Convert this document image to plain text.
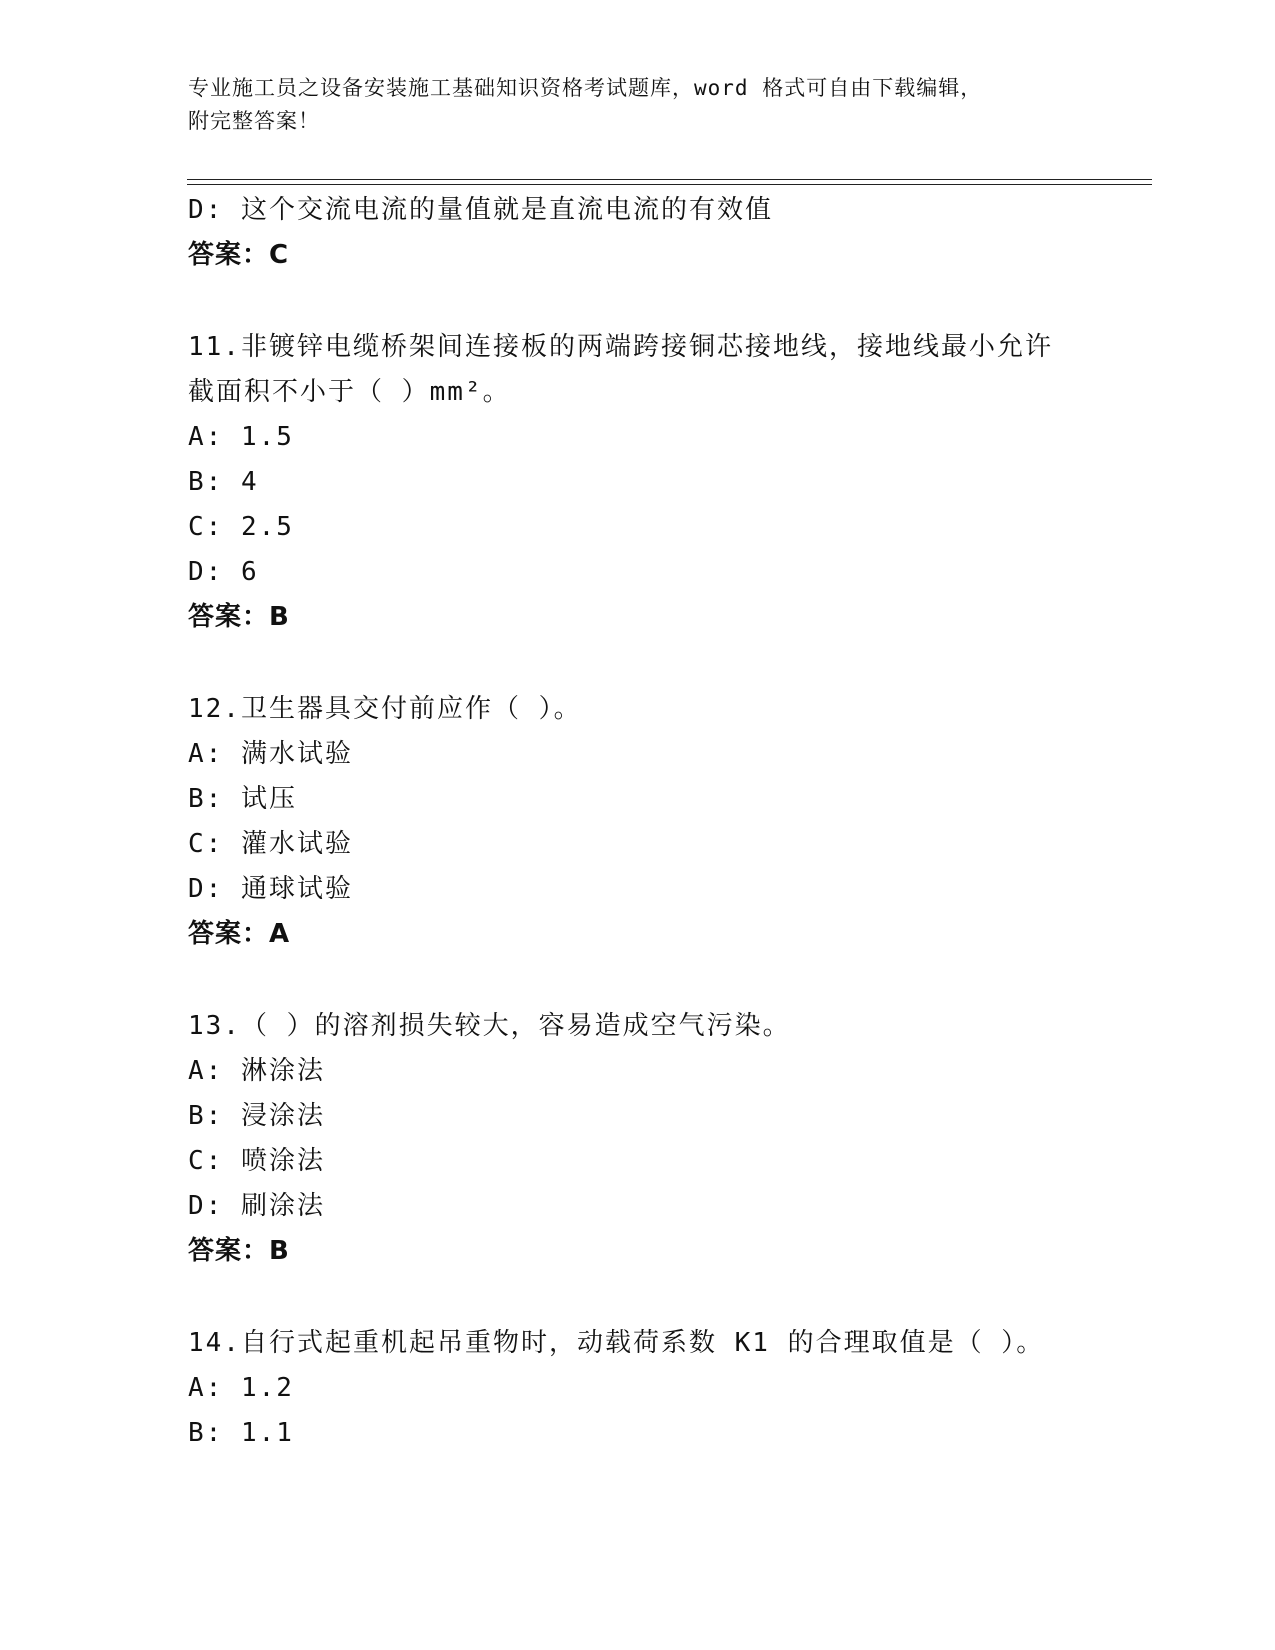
专业施工员之设备安装施工基础知识资格考试题库，word 格式可自由下载编辑，
附完整答案！
D: 这个交流电流的量值就是直流电流的有效值
答案：C
11.非镀锌电缆桥架间连接板的两端跨接铜芯接地线，接地线最小允许
截面积不小于（ ）mm²。
A: 1.5
B: 4
C: 2.5
D: 6
答案：B
12.卫生器具交付前应作（ ）。
A: 满水试验
B: 试压
C: 灌水试验
D: 通球试验
答案：A
13.（ ）的溶剂损失较大，容易造成空气污染。
A: 淋涂法
B: 浸涂法
C: 喷涂法
D: 刷涂法
答案：B
14.自行式起重机起吊重物时，动载荷系数 K1 的合理取值是（ ）。
A: 1.2
B: 1.1
